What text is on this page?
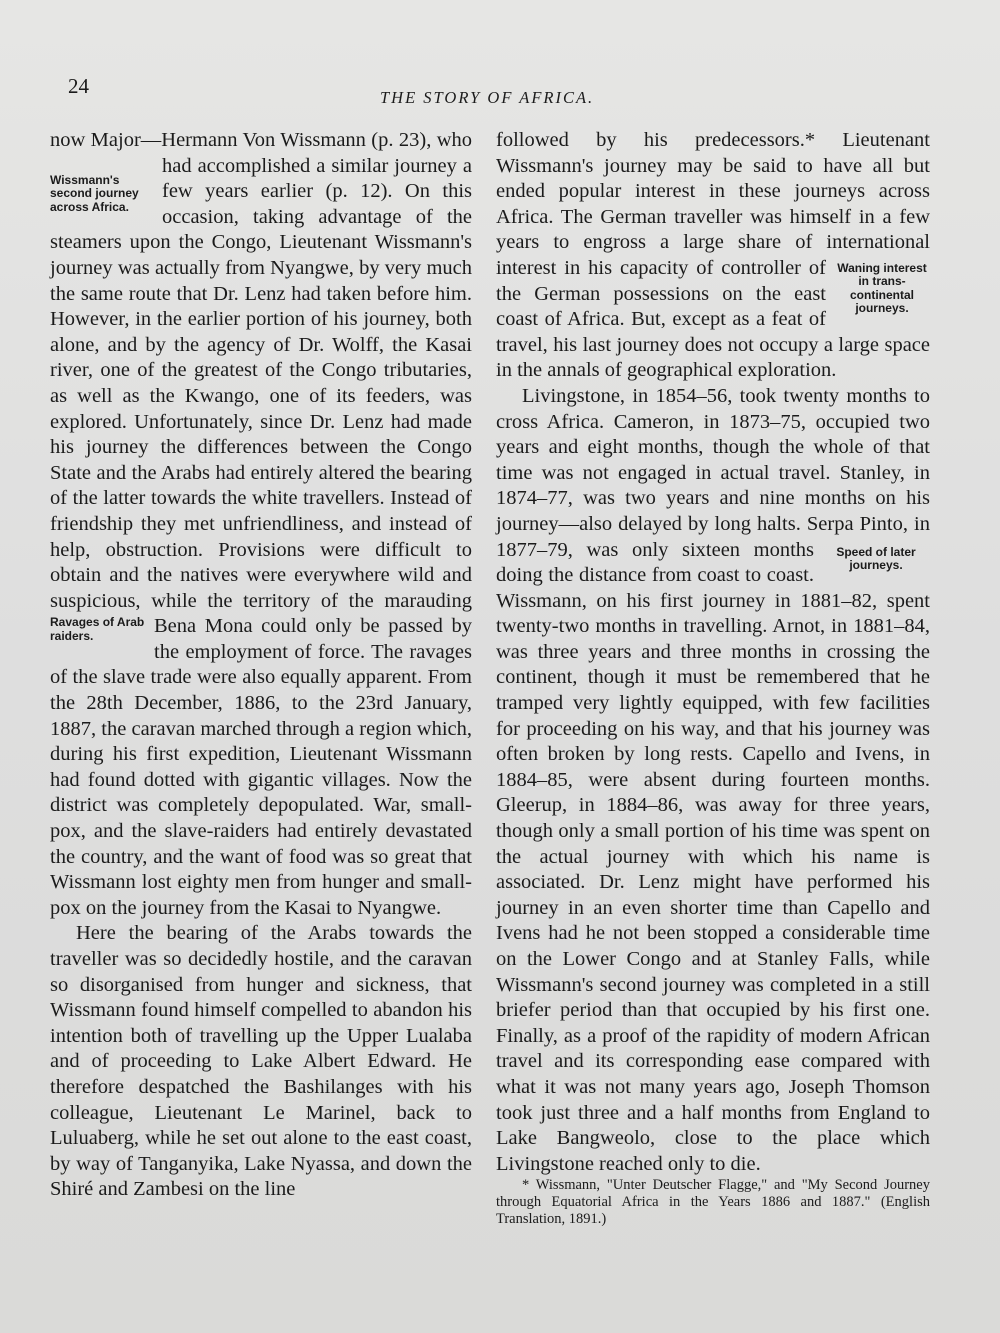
24	THE STORY OF AFRICA.

now Major—Hermann Von Wissmann (p. 23), who had accomplished a similar journey
Wissmann's second journey across Africa.
a few years earlier (p. 12). On this occasion, taking advantage of the steamers upon the Congo, Lieutenant Wissmann's journey was actually from Nyangwe, by very much the same route that Dr. Lenz had taken before him. However, in the earlier portion of his journey, both alone, and by the agency of Dr. Wolff, the Kasai river, one of the greatest of the Congo tributaries, as well as the Kwango, one of its feeders, was explored. Unfortunately, since Dr. Lenz had made his journey the differences between the Congo State and the Arabs had entirely altered the bearing of the latter towards the white travellers. Instead of friendship they met unfriendliness, and instead of help, obstruction. Provisions were difficult to obtain and the natives were everywhere wild and suspicious, while the territory of the marauding Bena Mona could only be
Ravages of Arab raiders.	passed by the employment of force. The ravages of the slave trade were also equally apparent. From the 28th December, 1886, to the 23rd January, 1887, the caravan marched through a region which, during his first expedition, Lieutenant Wissmann had found dotted with gigantic villages. Now the district was completely depopulated. War, small-pox, and the slave-raiders had entirely devastated the country, and the want of food was so great that Wissmann lost eighty men from hunger and small-pox on the journey from the Kasai to Nyangwe.

Here the bearing of the Arabs towards the traveller was so decidedly hostile, and the caravan so disorganised from hunger and sickness, that Wissmann found himself compelled to abandon his intention both of travelling up the Upper Lualaba and of proceeding to Lake Albert Edward. He therefore despatched the Bashilanges with his colleague, Lieutenant Le Marinel, back to Luluaberg, while he set out alone to the east coast, by way of Tanganyika, Lake Nyassa, and down the Shiré and Zambesi on the line

followed by his predecessors.* Lieutenant Wissmann's journey may be said to have all but ended popular interest in these journeys across Africa. The German traveller was himself in a few years to engross a large share of international interest in his capacity	Waning interest in trans-continental journeys.
of controller of the German possessions on the east coast of Africa. But, except as a feat of travel, his last journey does not occupy a large space in the annals of geographical exploration.

Livingstone, in 1854–56, took twenty months to cross Africa. Cameron, in 1873–75, occupied two years and eight months, though the whole of that time was not engaged in actual travel. Stanley, in 1874–77, was two years and nine months on his journey—also delayed by long halts. Serpa Pinto, in 1877–79,	Speed of later journeys.
was only sixteen months doing the distance from coast to coast. Wissmann, on his first journey in 1881–82, spent twenty-two months in travelling. Arnot, in 1881–84, was three years and three months in crossing the continent, though it must be remembered that he tramped very lightly equipped, with few facilities for proceeding on his way, and that his journey was often broken by long rests. Capello and Ivens, in 1884–85, were absent during fourteen months. Gleerup, in 1884–86, was away for three years, though only a small portion of his time was spent on the actual journey with which his name is associated. Dr. Lenz might have performed his journey in an even shorter time than Capello and Ivens had he not been stopped a considerable time on the Lower Congo and at Stanley Falls, while Wissmann's second journey was completed in a still briefer period than that occupied by his first one. Finally, as a proof of the rapidity of modern African travel and its corresponding ease compared with what it was not many years ago, Joseph Thomson took just three and a half months from England to Lake Bangweolo, close to the place which Livingstone reached only to die.

* Wissmann, "Unter Deutscher Flagge," and "My Second Journey through Equatorial Africa in the Years 1886 and 1887." (English Translation, 1891.)
